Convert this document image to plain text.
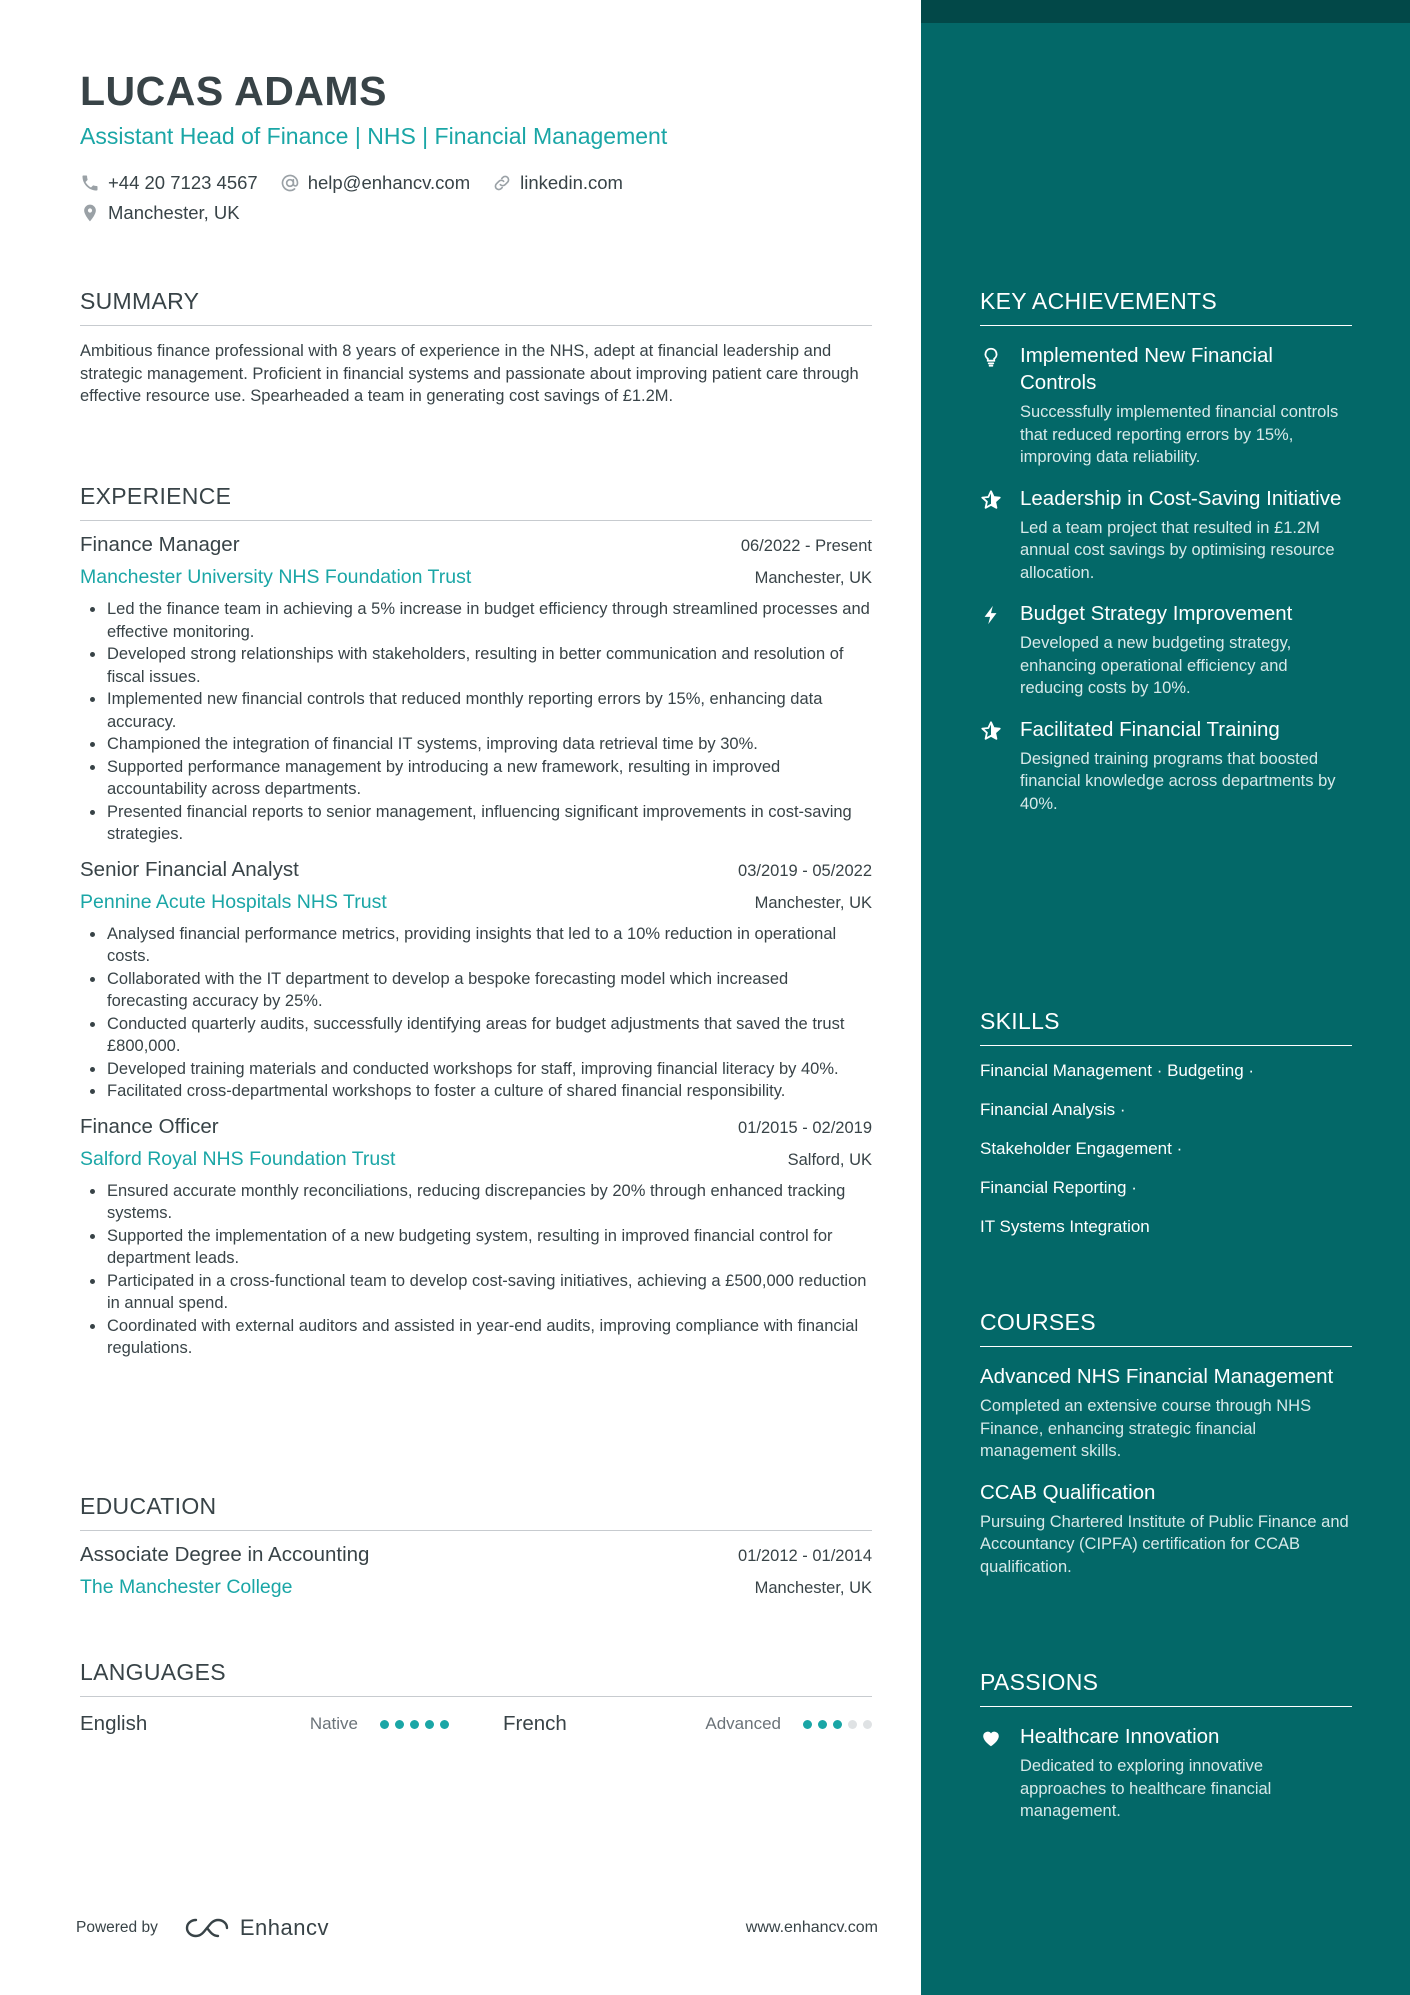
LUCAS ADAMS
Assistant Head of Finance | NHS | Financial Management
+44 20 7123 4567	help@enhancv.com	linkedin.com
Manchester, UK
SUMMARY
Ambitious finance professional with 8 years of experience in the NHS, adept at financial leadership and strategic management. Proficient in financial systems and passionate about improving patient care through effective resource use. Spearheaded a team in generating cost savings of £1.2M.
EXPERIENCE
Finance Manager	06/2022 - Present
Manchester University NHS Foundation Trust	Manchester, UK
Led the finance team in achieving a 5% increase in budget efficiency through streamlined processes and effective monitoring.
Developed strong relationships with stakeholders, resulting in better communication and resolution of fiscal issues.
Implemented new financial controls that reduced monthly reporting errors by 15%, enhancing data accuracy.
Championed the integration of financial IT systems, improving data retrieval time by 30%.
Supported performance management by introducing a new framework, resulting in improved accountability across departments.
Presented financial reports to senior management, influencing significant improvements in cost-saving strategies.
Senior Financial Analyst	03/2019 - 05/2022
Pennine Acute Hospitals NHS Trust	Manchester, UK
Analysed financial performance metrics, providing insights that led to a 10% reduction in operational costs.
Collaborated with the IT department to develop a bespoke forecasting model which increased forecasting accuracy by 25%.
Conducted quarterly audits, successfully identifying areas for budget adjustments that saved the trust £800,000.
Developed training materials and conducted workshops for staff, improving financial literacy by 40%.
Facilitated cross-departmental workshops to foster a culture of shared financial responsibility.
Finance Officer	01/2015 - 02/2019
Salford Royal NHS Foundation Trust	Salford, UK
Ensured accurate monthly reconciliations, reducing discrepancies by 20% through enhanced tracking systems.
Supported the implementation of a new budgeting system, resulting in improved financial control for department leads.
Participated in a cross-functional team to develop cost-saving initiatives, achieving a £500,000 reduction in annual spend.
Coordinated with external auditors and assisted in year-end audits, improving compliance with financial regulations.
EDUCATION
Associate Degree in Accounting	01/2012 - 01/2014
The Manchester College	Manchester, UK
LANGUAGES
English	Native	French	Advanced
Powered by	Enhancv	www.enhancv.com
KEY ACHIEVEMENTS
Implemented New Financial Controls
Successfully implemented financial controls that reduced reporting errors by 15%, improving data reliability.
Leadership in Cost-Saving Initiative
Led a team project that resulted in £1.2M annual cost savings by optimising resource allocation.
Budget Strategy Improvement
Developed a new budgeting strategy, enhancing operational efficiency and reducing costs by 10%.
Facilitated Financial Training
Designed training programs that boosted financial knowledge across departments by 40%.
SKILLS
Financial Management · Budgeting ·
Financial Analysis ·
Stakeholder Engagement ·
Financial Reporting ·
IT Systems Integration
COURSES
Advanced NHS Financial Management
Completed an extensive course through NHS Finance, enhancing strategic financial management skills.
CCAB Qualification
Pursuing Chartered Institute of Public Finance and Accountancy (CIPFA) certification for CCAB qualification.
PASSIONS
Healthcare Innovation
Dedicated to exploring innovative approaches to healthcare financial management.
